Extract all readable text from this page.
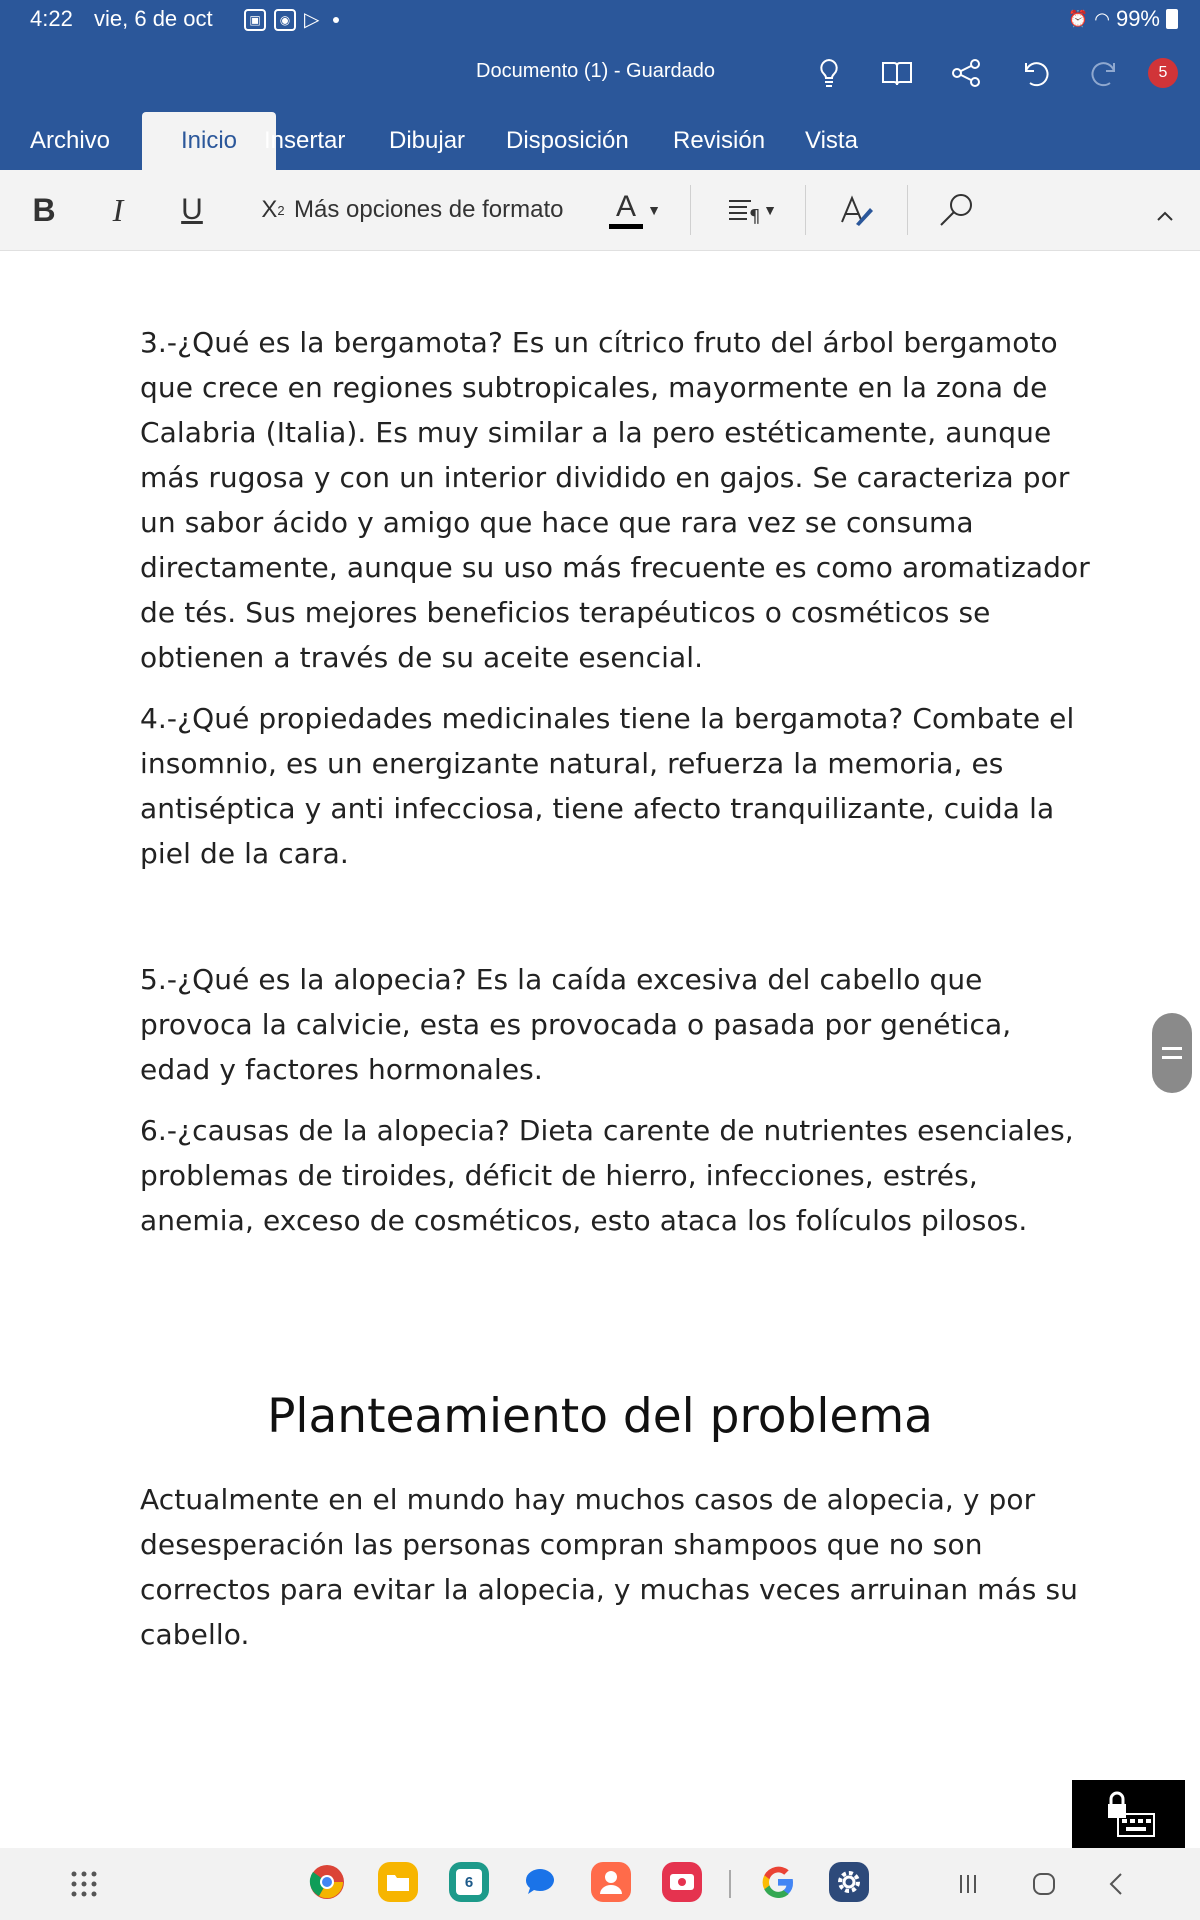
4:22 vie, 6 de oct	▣	◉ ▷	⏰ ◠ 99%
Documento (1) - Guardado	5
Archivo	Inicio	Insertar Dibujar Disposición Revisión Vista
B	I	U X 2 Más opciones de formato A ▼	¶ ▼

3.-¿Qué es la bergamota? Es un cítrico fruto del árbol bergamoto que crece en regiones subtropicales, mayormente en la zona de Calabria (Italia). Es muy similar a la pero estéticamente, aunque más rugosa y con un interior dividido en gajos. Se caracteriza por un sabor ácido y amigo que hace que rara vez se consuma directamente, aunque su uso más frecuente es como aromatizador de tés. Sus mejores beneficios terapéuticos o cosméticos se obtienen a través de su aceite esencial.

4.-¿Qué propiedades medicinales tiene la bergamota? Combate el insomnio, es un energizante natural, refuerza la memoria, es antiséptica y anti infecciosa, tiene afecto tranquilizante, cuida la piel de la cara.

5.-¿Qué es la alopecia? Es la caída excesiva del cabello que provoca la calvicie, esta es provocada o pasada por genética, edad y factores hormonales.

6.-¿causas de la alopecia? Dieta carente de nutrientes esenciales, problemas de tiroides, déficit de hierro, infecciones, estrés, anemia, exceso de cosméticos, esto ataca los folículos pilosos.

Planteamiento del problema

Actualmente en el mundo hay muchos casos de alopecia, y por desesperación las personas compran shampoos que no son correctos para evitar la alopecia, y muchas veces arruinan más su cabello.

6
